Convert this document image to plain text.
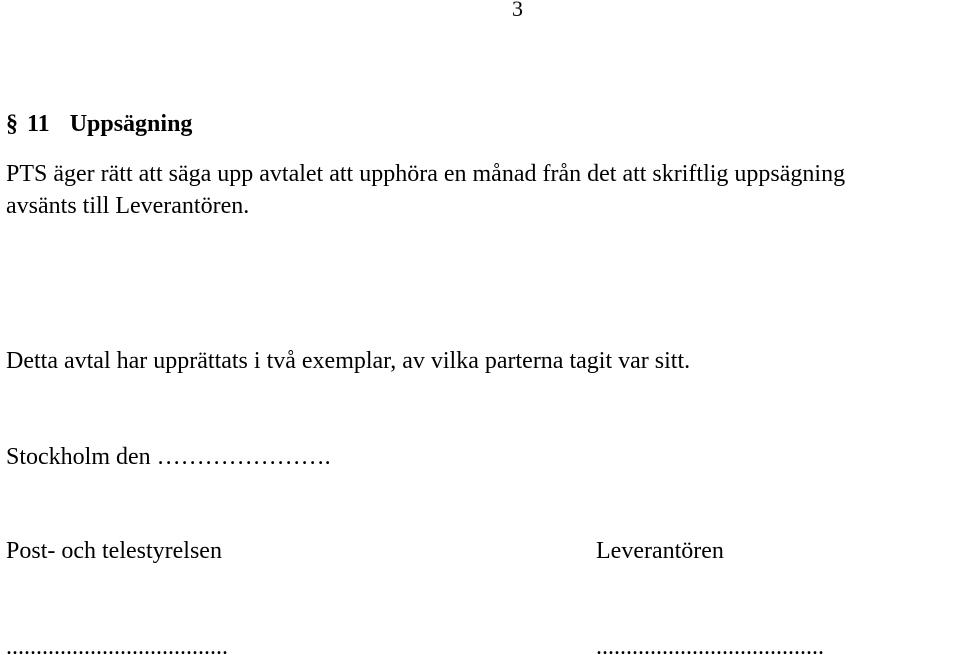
3
§ 11 Uppsägning
PTS äger rätt att säga upp avtalet att upphöra en månad från det att skriftlig uppsägning
avsänts till Leverantören.
Detta avtal har upprättats i två exemplar, av vilka parterna tagit var sitt.
Stockholm den ………………….
Post- och telestyrelsen	Leverantören
.....................................	......................................
